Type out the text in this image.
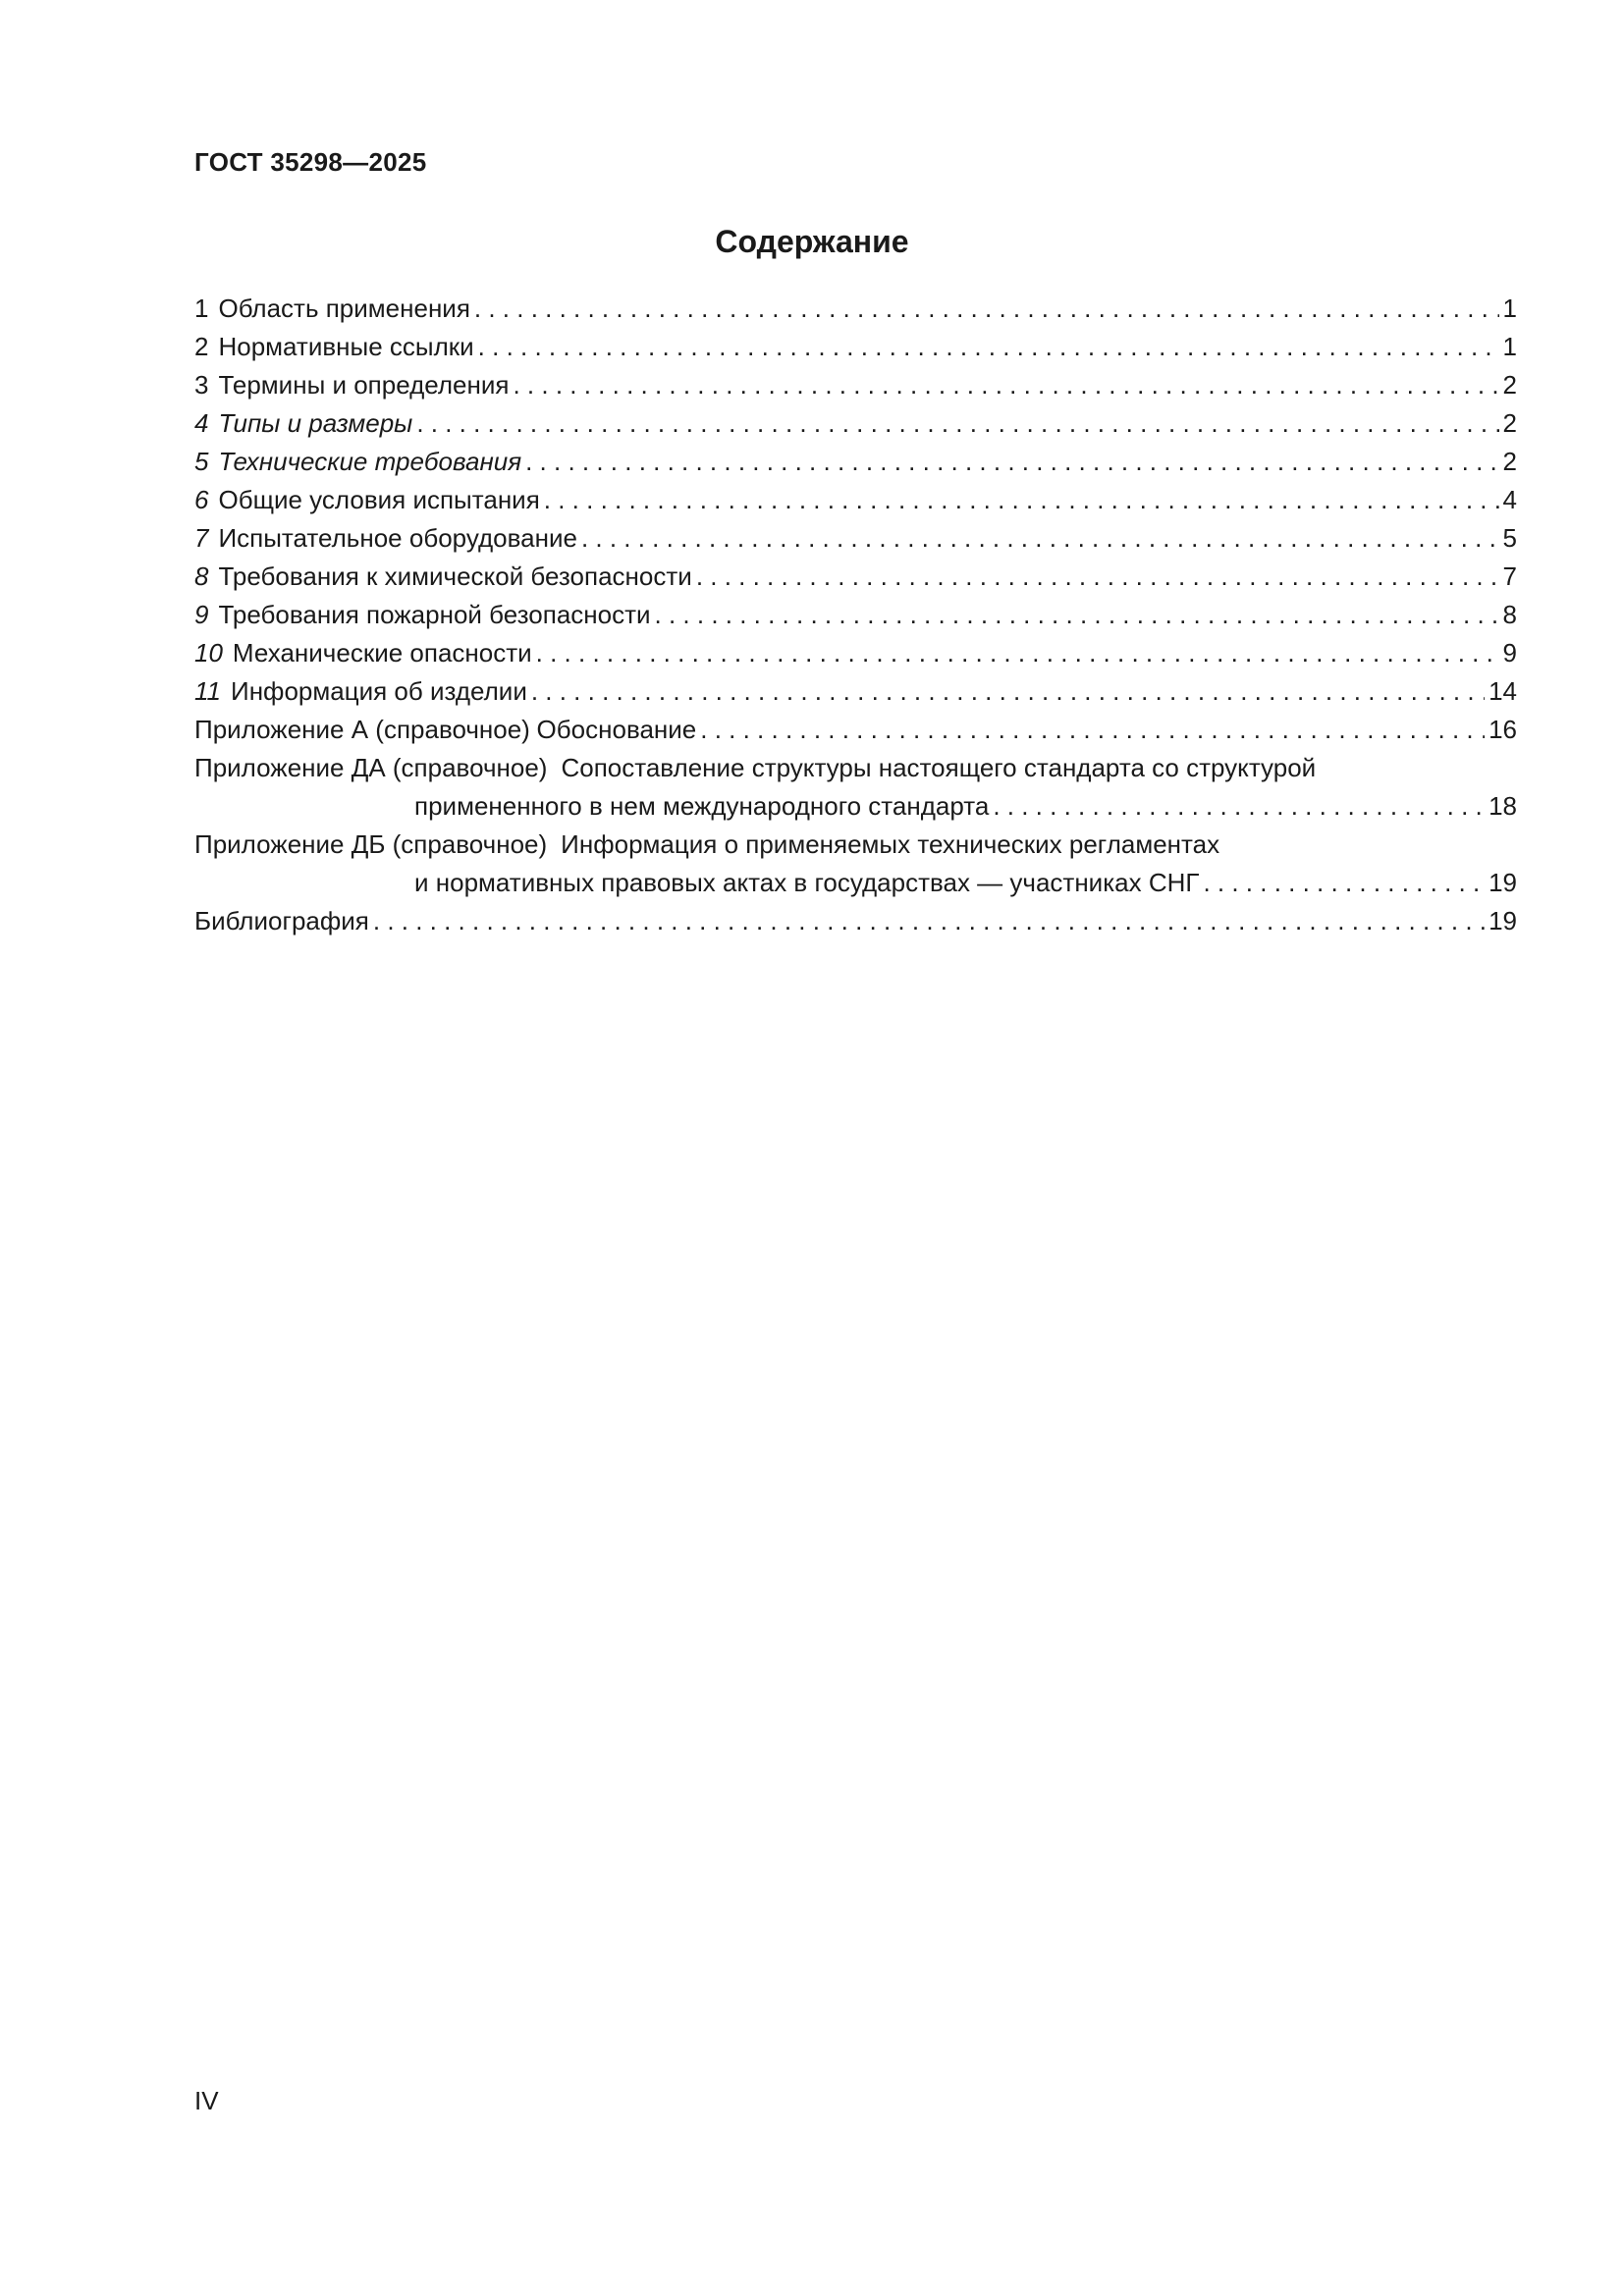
ГОСТ 35298—2025
Содержание
1 Область применения . . .	1
2 Нормативные ссылки . . .	1
3 Термины и определения . . .	2
4 Типы и размеры . . .	2
5 Технические требования . . .	2
6 Общие условия испытания . . .	4
7 Испытательное оборудование . . .	5
8 Требования к химической безопасности . . .	7
9 Требования пожарной безопасности . . .	8
10 Механические опасности . . .	9
11 Информация об изделии . . .	14
Приложение А (справочное) Обоснование . . .	16
Приложение ДА (справочное) Сопоставление структуры настоящего стандарта со структурой
примененного в нем международного стандарта . . .	18
Приложение ДБ (справочное) Информация о применяемых технических регламентах
и нормативных правовых актах в государствах — участниках СНГ . . .	19
Библиография . . .	19
IV
